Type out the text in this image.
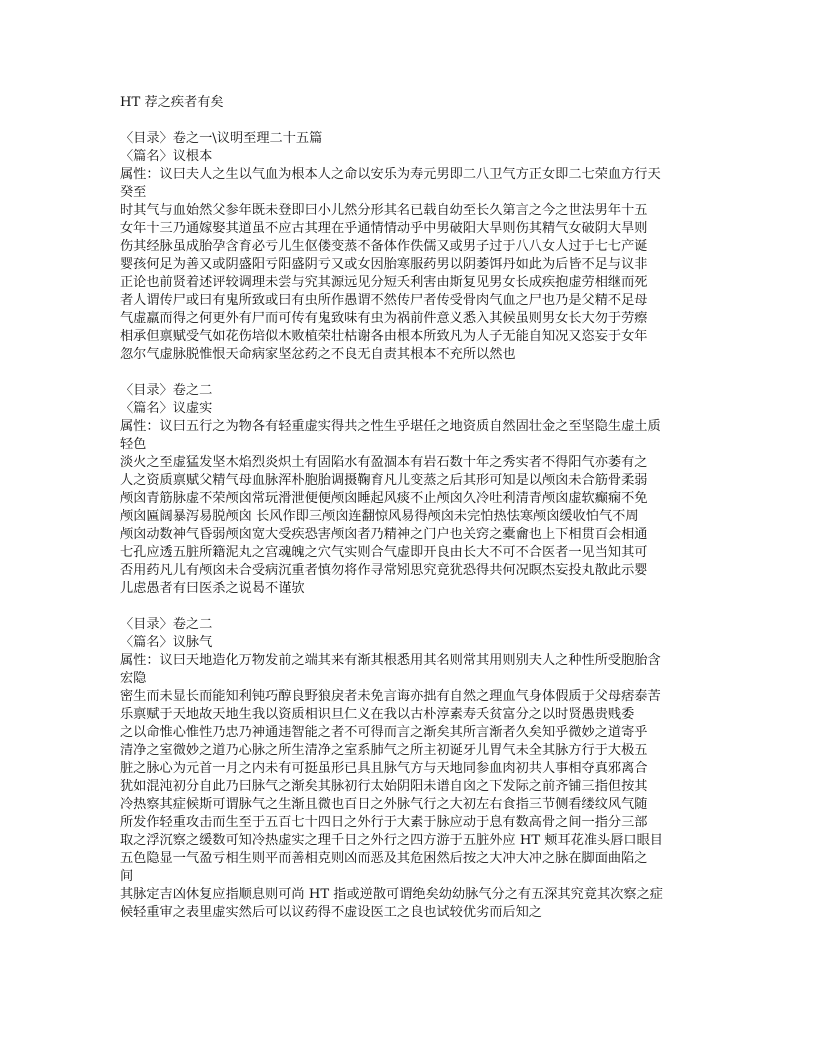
HT 荐之疾者有矣
〈目录〉卷之一\议明至理二十五篇
〈篇名〉议根本
属性：议曰夫人之生以气血为根本人之命以安乐为寿元男即二八卫气方正女即二七荣血方行天
癸至
时其气与血始然父参年既未登即曰小儿然分形其名已载自幼至长久第言之今之世法男年十五
女年十三乃通嫁娶其道虽不应古其理在乎通情情动乎中男破阳大旱则伤其精气女破阴大旱则
伤其经脉虽成胎孕含育必亏儿生伛偻变蒸不备体作佚儒又或男子过于八八女人过于七七产诞
婴孩何足为善又或阴盛阳亏阳盛阴亏又或女因胎寒服药男以阴萎饵丹如此为后皆不足与议非
正论也前贤着述评较调理未尝与究其源远见分短夭利害由斯复见男女长成疾抱虚劳相继而死
者人谓传尸或曰有鬼所致或曰有虫所作愚谓不然传尸者传受骨肉气血之尸也乃是父精不足母
气虚羸而得之何更外有尸而可传有鬼致味有虫为祸前件意义悉入其候虽则男女长大勿于劳瘵
相承但禀赋受气如花伤培似木败植荣壮枯谢各由根本所致凡为人子无能自知况又恣妄于女年
忽尔气虚脉脱惟恨天命病家坚忿药之不良无自责其根本不充所以然也
〈目录〉卷之二
〈篇名〉议虚实
属性：议曰五行之为物各有轻重虚实得共之性生乎堪任之地资质自然固壮金之至坚隐生虚土质
轻色
淡火之至虚猛发坚木焰烈炎炽土有固陷水有盈涸本有岩石数十年之秀实者不得阳气亦萎有之
人之资质禀赋父精气母血脉浑朴胞胎调摄鞠育凡儿变蒸之后其形可知是以颅囟未合筋骨柔弱
颅囟青筋脉虚不荣颅囟常玩滑泄便便颅囟睡起风痰不止颅囟久冷吐利清青颅囟虚软癫痫不免
颅囟匾阔暴泻易脱颅囟 长风作即三颅囟连翻惊风易得颅囟未完怕热怯寒颅囟缓收怕气不周
颅囟动数神气昏弱颅囟宽大受疾恐害颅囟者乃精神之门户也关窍之橐龠也上下相贯百会相通
七孔应透五脏所籍泥丸之宫魂魄之穴气实则合气虚即开良由长大不可不合医者一见当知其可
否用药凡儿有颅囟未合受病沉重者慎勿将作寻常矧思究竟犹恐得共何况瞑杰妄投丸散此示婴
儿虑愚者有曰医杀之说曷不谨欤
〈目录〉卷之二
〈篇名〉议脉气
属性：议曰天地造化万物发前之端其来有渐其根悉用其名则常其用则别夫人之种性所受胞胎含
宏隐
密生而未显长而能知利钝巧醇良野狼戾者未免言诲亦拙有自然之理血气身体假质于父母痞泰苦
乐禀赋于天地故天地生我以资质相识旦仁义在我以古朴淳素寿夭贫富分之以时贤愚贵贱委
之以命惟心惟性乃忠乃神通违智能之者不可得而言之渐矣其所言渐者久矣知乎微妙之道寄乎
清净之室微妙之道乃心脉之所生清净之室系肺气之所主初诞牙儿胃气未全其脉方行于大极五
脏之脉心为元首一月之内未有可挺虽形已具且脉气方与天地同参血肉初共人事相夺真邪离合
犹如混沌初分自此乃曰脉气之渐矣其脉初行太始阴阳未谱自囟之下发际之前齐铺三指但按其
冷热察其症候斯可谓脉气之生渐且微也百日之外脉气行之大初左右食指三节侧看缕纹风气随
所发作轻重攻击而生至于五百七十四日之外行于大素于脉应动于息有数高骨之间一指分三部
取之浮沉察之缓数可知冷热虚实之理千日之外行之四方游于五脏外应 HT 颊耳花准头唇口眼目
五色隐显一气盈亏相生则平而善相克则凶而恶及其危困然后按之大冲大冲之脉在脚面曲陷之
间
其脉定吉凶休复应指顺息则可尚 HT 指或逆散可谓绝矣幼幼脉气分之有五深其究竟其次察之症
候轻重审之表里虚实然后可以议药得不虚设医工之良也试较优劣而后知之
